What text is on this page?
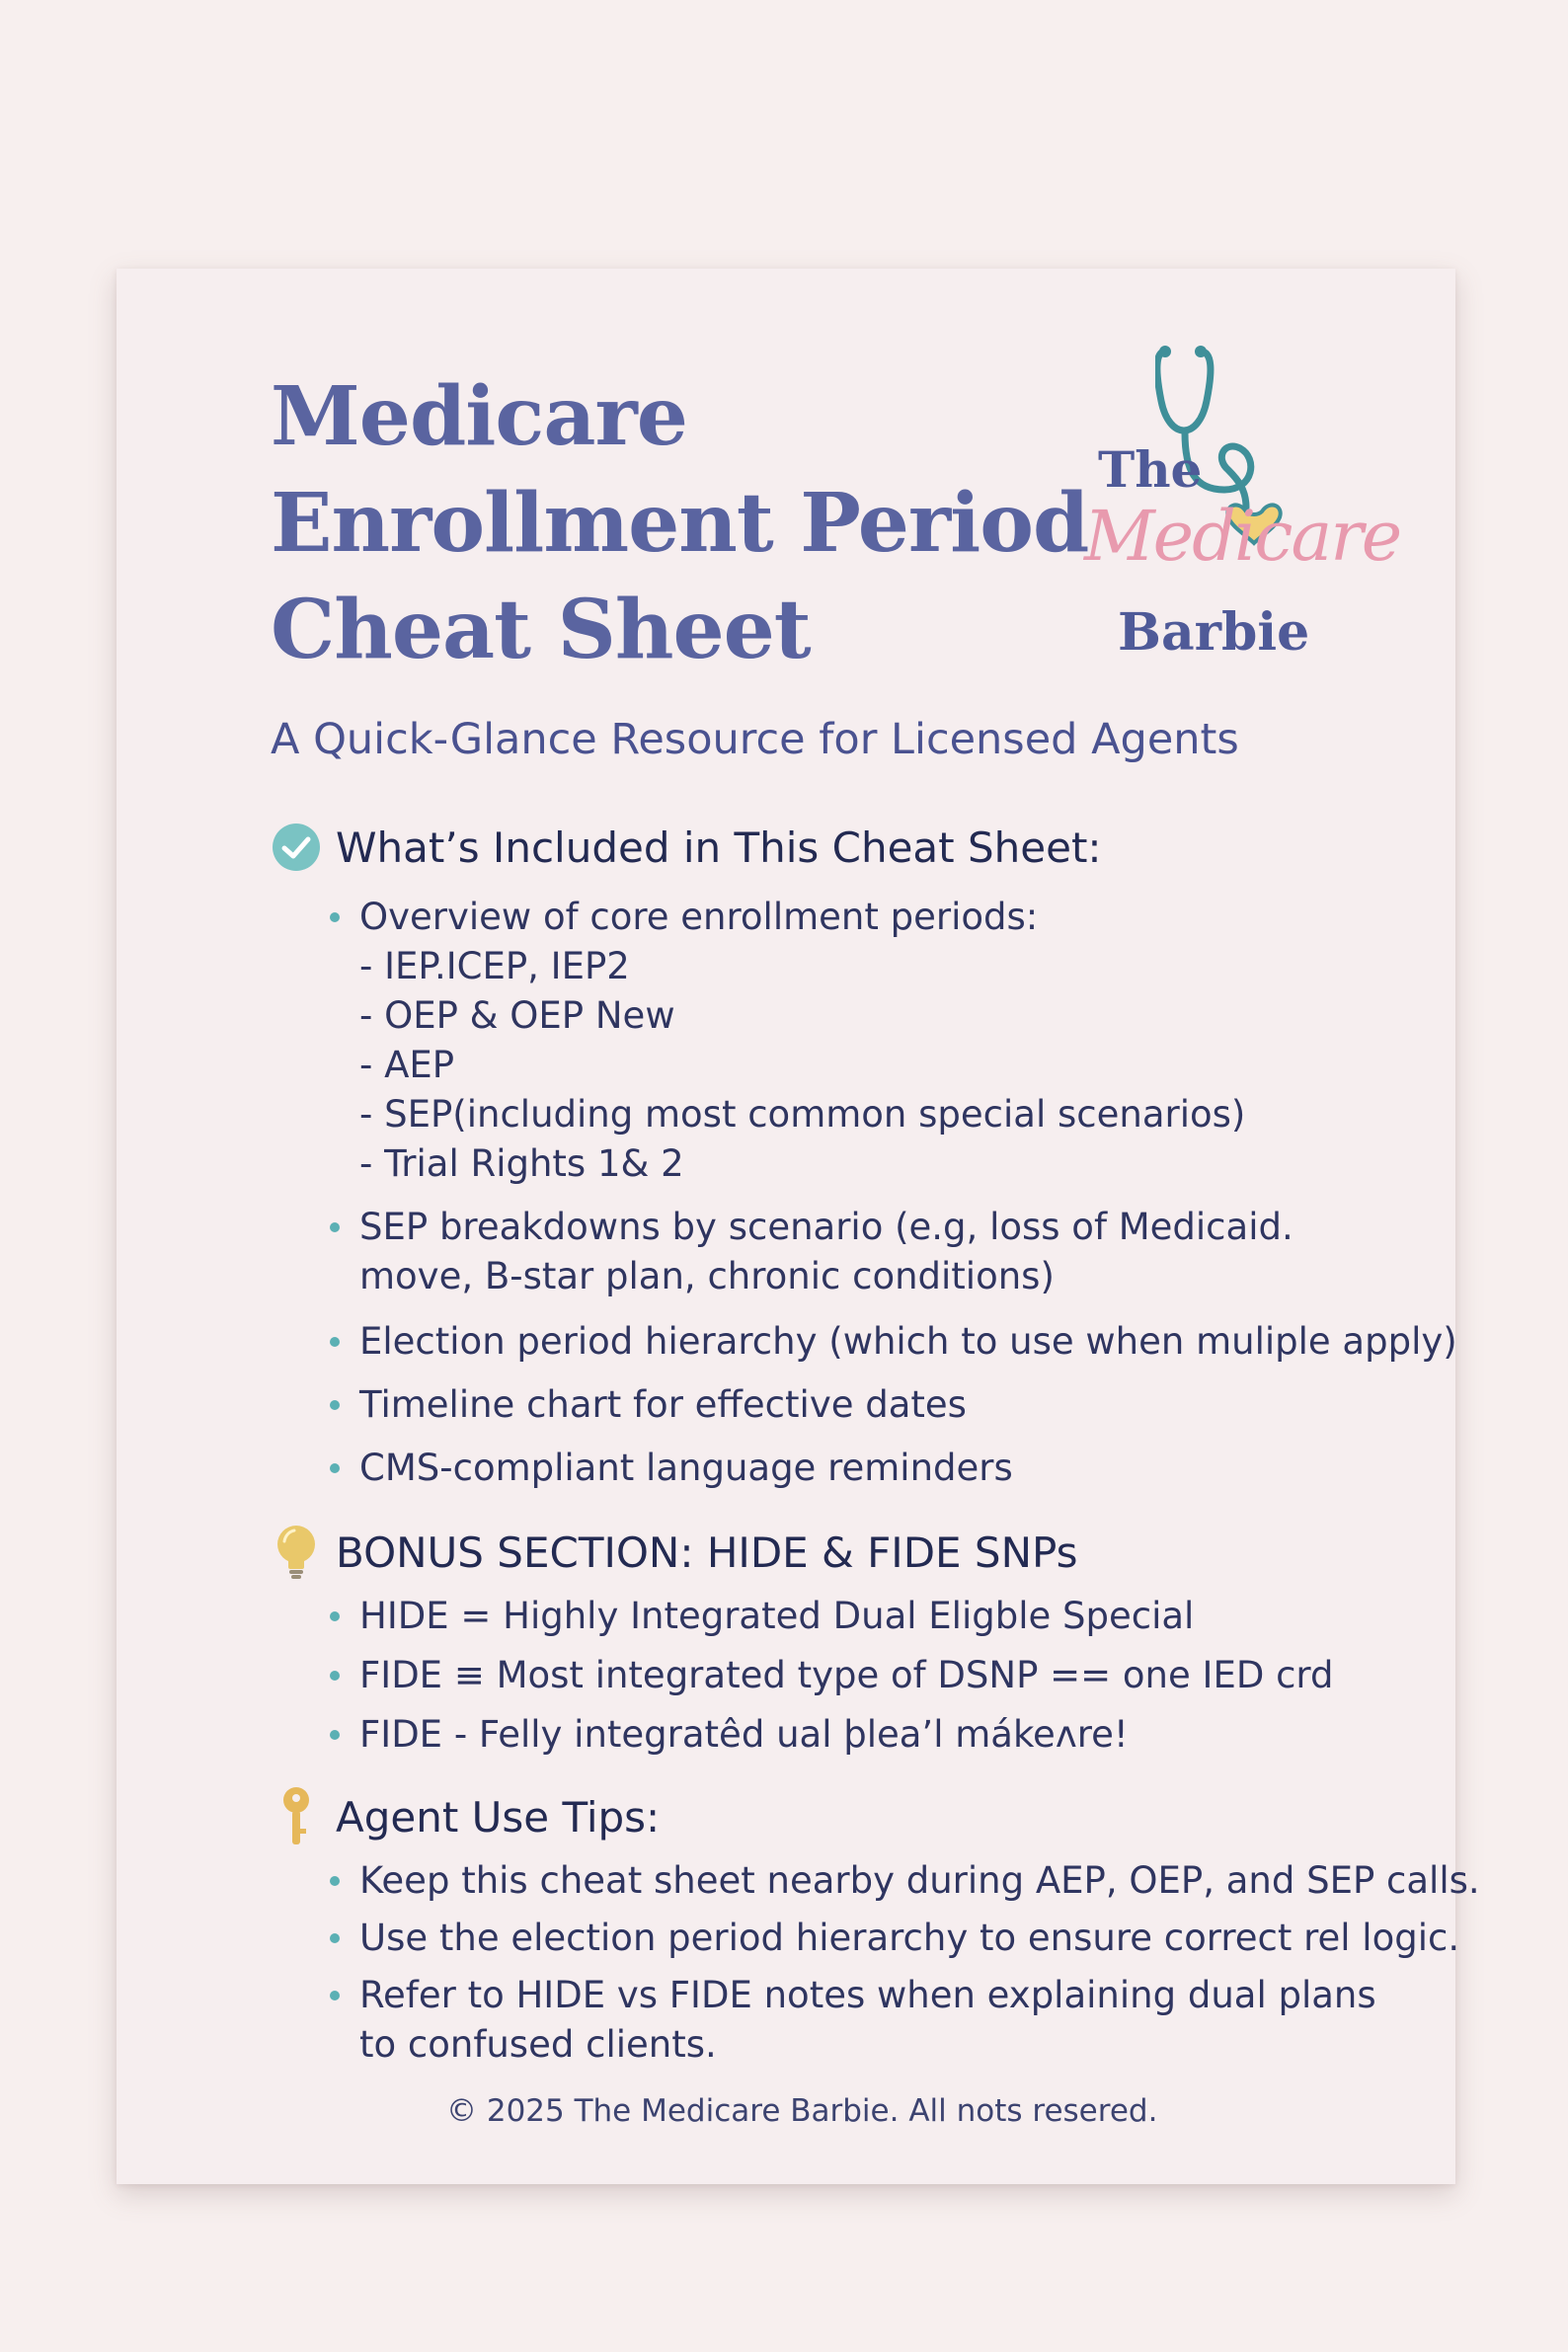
Medicare
Enrollment Period
Cheat Sheet
The
Medicare
Barbie
A Quick-Glance Resource for Licensed Agents
What’s Included in This Cheat Sheet:
Overview of core enrollment periods:
- IEP.ICEP, IEP2
- OEP & OEP New
- AEP
- SEP(including most common special scenarios)
- Trial Rights 1& 2
SEP breakdowns by scenario (e.g, loss of Medicaid.
move, B-star plan, chronic conditions)
Election period hierarchy (which to use when muliple apply)
Timeline chart for effective dates
CMS-compliant language reminders
BONUS SECTION: HIDE & FIDE SNPs
HIDE = Highly Integrated Dual Eligble Special
FIDE ≡ Most integrated type of DSNP == one IED crd
FIDE - Felly integratêd ual þlea’l mákeʌre!
Agent Use Tips:
Keep this cheat sheet nearby during AEP, OEP, and SEP calls.
Use the election period hierarchy to ensure correct rel logic.
Refer to HIDE vs FIDE notes when explaining dual plans
to confused clients.
© 2025 The Medicare Barbie. All nots resered.
